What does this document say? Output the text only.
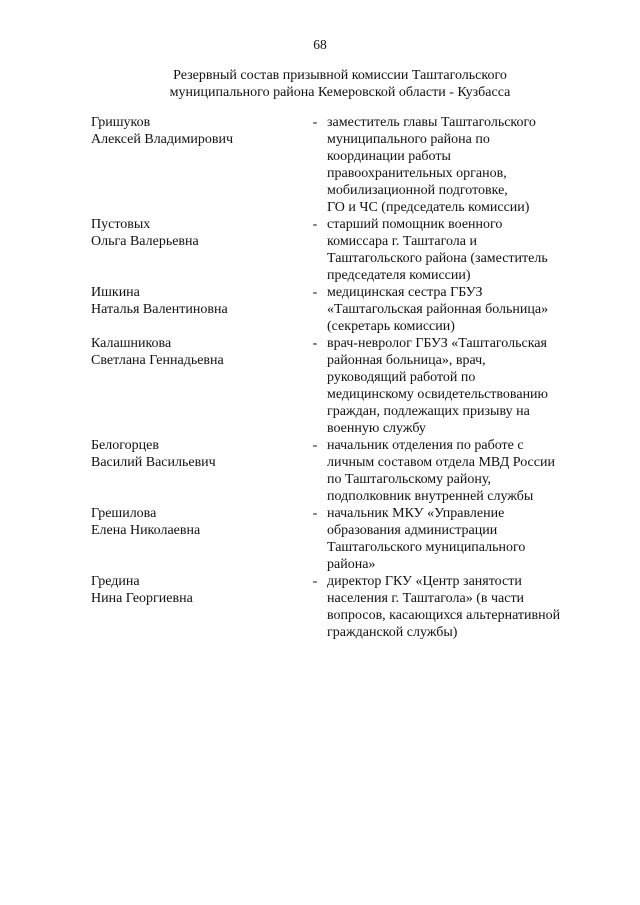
68
Резервный состав призывной комиссии Таштагольского
муниципального района Кемеровской области - Кузбасса
Гришуков
Алексей Владимирович
- заместитель главы Таштагольского
муниципального района по
координации работы
правоохранительных органов,
мобилизационной подготовке,
ГО и ЧС (председатель комиссии)
Пустовых
Ольга Валерьевна
- старший помощник военного
комиссара г. Таштагола и
Таштагольского района (заместитель
председателя комиссии)
Ишкина
Наталья Валентиновна
- медицинская сестра ГБУЗ
«Таштагольская районная больница»
(секретарь комиссии)
Калашникова
Светлана Геннадьевна
- врач-невролог ГБУЗ «Таштагольская
районная больница», врач,
руководящий работой по
медицинскому освидетельствованию
граждан, подлежащих призыву на
военную службу
Белогорцев
Василий Васильевич
- начальник отделения по работе с
личным составом отдела МВД России
по Таштагольскому району,
подполковник внутренней службы
Грешилова
Елена Николаевна
- начальник МКУ «Управление
образования администрации
Таштагольского муниципального
района»
Гредина
Нина Георгиевна
- директор ГКУ «Центр занятости
населения г. Таштагола» (в части
вопросов, касающихся альтернативной
гражданской службы)
